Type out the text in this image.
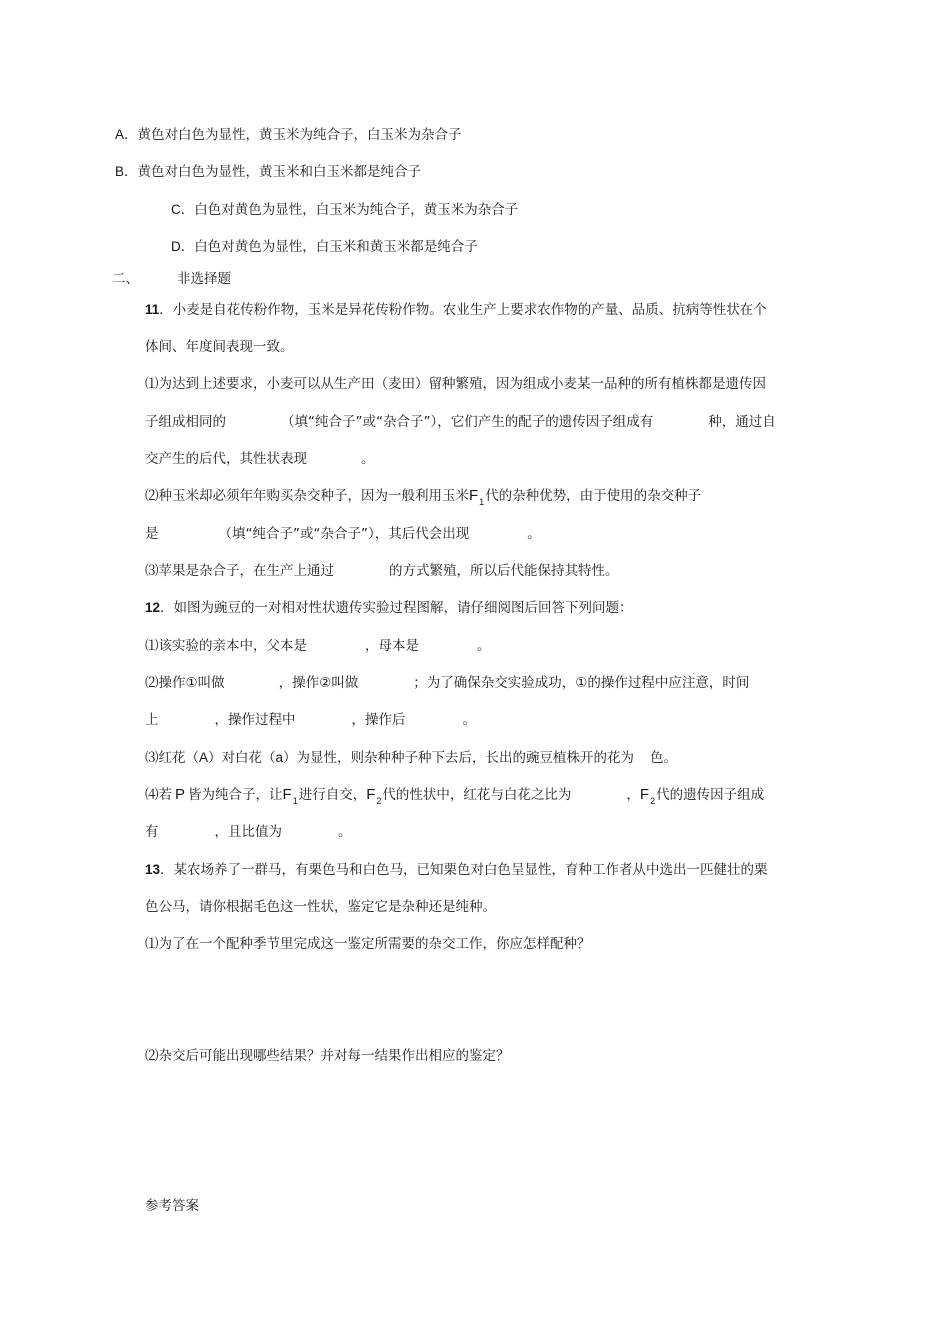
A．黄色对白色为显性，黄玉米为纯合子，白玉米为杂合子
B．黄色对白色为显性，黄玉米和白玉米都是纯合子
C．白色对黄色为显性，白玉米为纯合子，黄玉米为杂合子
D．白色对黄色为显性，白玉米和黄玉米都是纯合子
二、	非选择题
11．小麦是自花传粉作物，玉米是异花传粉作物。农业生产上要求农作物的产量、品质、抗病等性状在个
体间、年度间表现一致。
⑴为达到上述要求，小麦可以从生产田（麦田）留种繁殖，因为组成小麦某一品种的所有植株都是遗传因
子组成相同的	（填“纯合子”或“杂合子”），它们产生的配子的遗传因子组成有	种，通过自
交产生的后代，其性状表现	。
⑵种玉米却必须年年购买杂交种子，因为一般利用玉米$F_1$代的杂种优势，由于使用的杂交种子
是	（填“纯合子”或“杂合子”），其后代会出现	。
⑶苹果是杂合子，在生产上通过	的方式繁殖，所以后代能保持其特性。
12．如图为豌豆的一对相对性状遗传实验过程图解，请仔细阅图后回答下列问题：
⑴该实验的亲本中，父本是	，母本是	。
⑵操作①叫做	，操作②叫做	；为了确保杂交实验成功，①的操作过程中应注意，时间
上	，操作过程中	，操作后	。
⑶红花（A）对白花（a）为显性，则杂种种子种下去后，长出的豌豆植株开的花为 色。
⑷若 P 皆为纯合子，让$F_1$进行自交，$F_2$代的性状中，红花与白花之比为	，$F_2$代的遗传因子组成
有	，且比值为	。
13．某农场养了一群马，有栗色马和白色马，已知栗色对白色呈显性，育种工作者从中选出一匹健壮的栗
色公马，请你根据毛色这一性状，鉴定它是杂种还是纯种。
⑴为了在一个配种季节里完成这一鉴定所需要的杂交工作，你应怎样配种？
⑵杂交后可能出现哪些结果？并对每一结果作出相应的鉴定？
参考答案
